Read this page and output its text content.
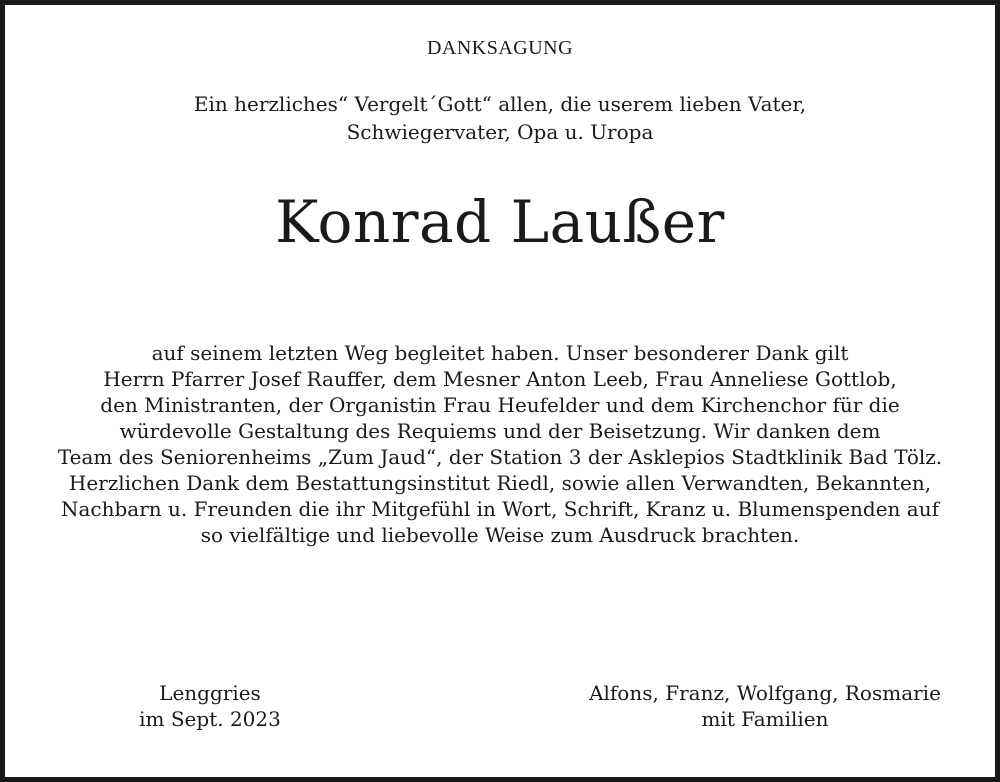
DANKSAGUNG
Ein herzliches“ Vergelt´Gott“ allen, die userem lieben Vater,
Schwiegervater, Opa u. Uropa
Konrad Laußer
auf seinem letzten Weg begleitet haben. Unser besonderer Dank gilt
Herrn Pfarrer Josef Rauffer, dem Mesner Anton Leeb, Frau Anneliese Gottlob,
den Ministranten, der Organistin Frau Heufelder und dem Kirchenchor für die
würdevolle Gestaltung des Requiems und der Beisetzung. Wir danken dem
Team des Seniorenheims „Zum Jaud“, der Station 3 der Asklepios Stadtklinik Bad Tölz.
Herzlichen Dank dem Bestattungsinstitut Riedl, sowie allen Verwandten, Bekannten,
Nachbarn u. Freunden die ihr Mitgefühl in Wort, Schrift, Kranz u. Blumenspenden auf
so vielfältige und liebevolle Weise zum Ausdruck brachten.
Lenggries
im Sept. 2023
Alfons, Franz, Wolfgang, Rosmarie
mit Familien
